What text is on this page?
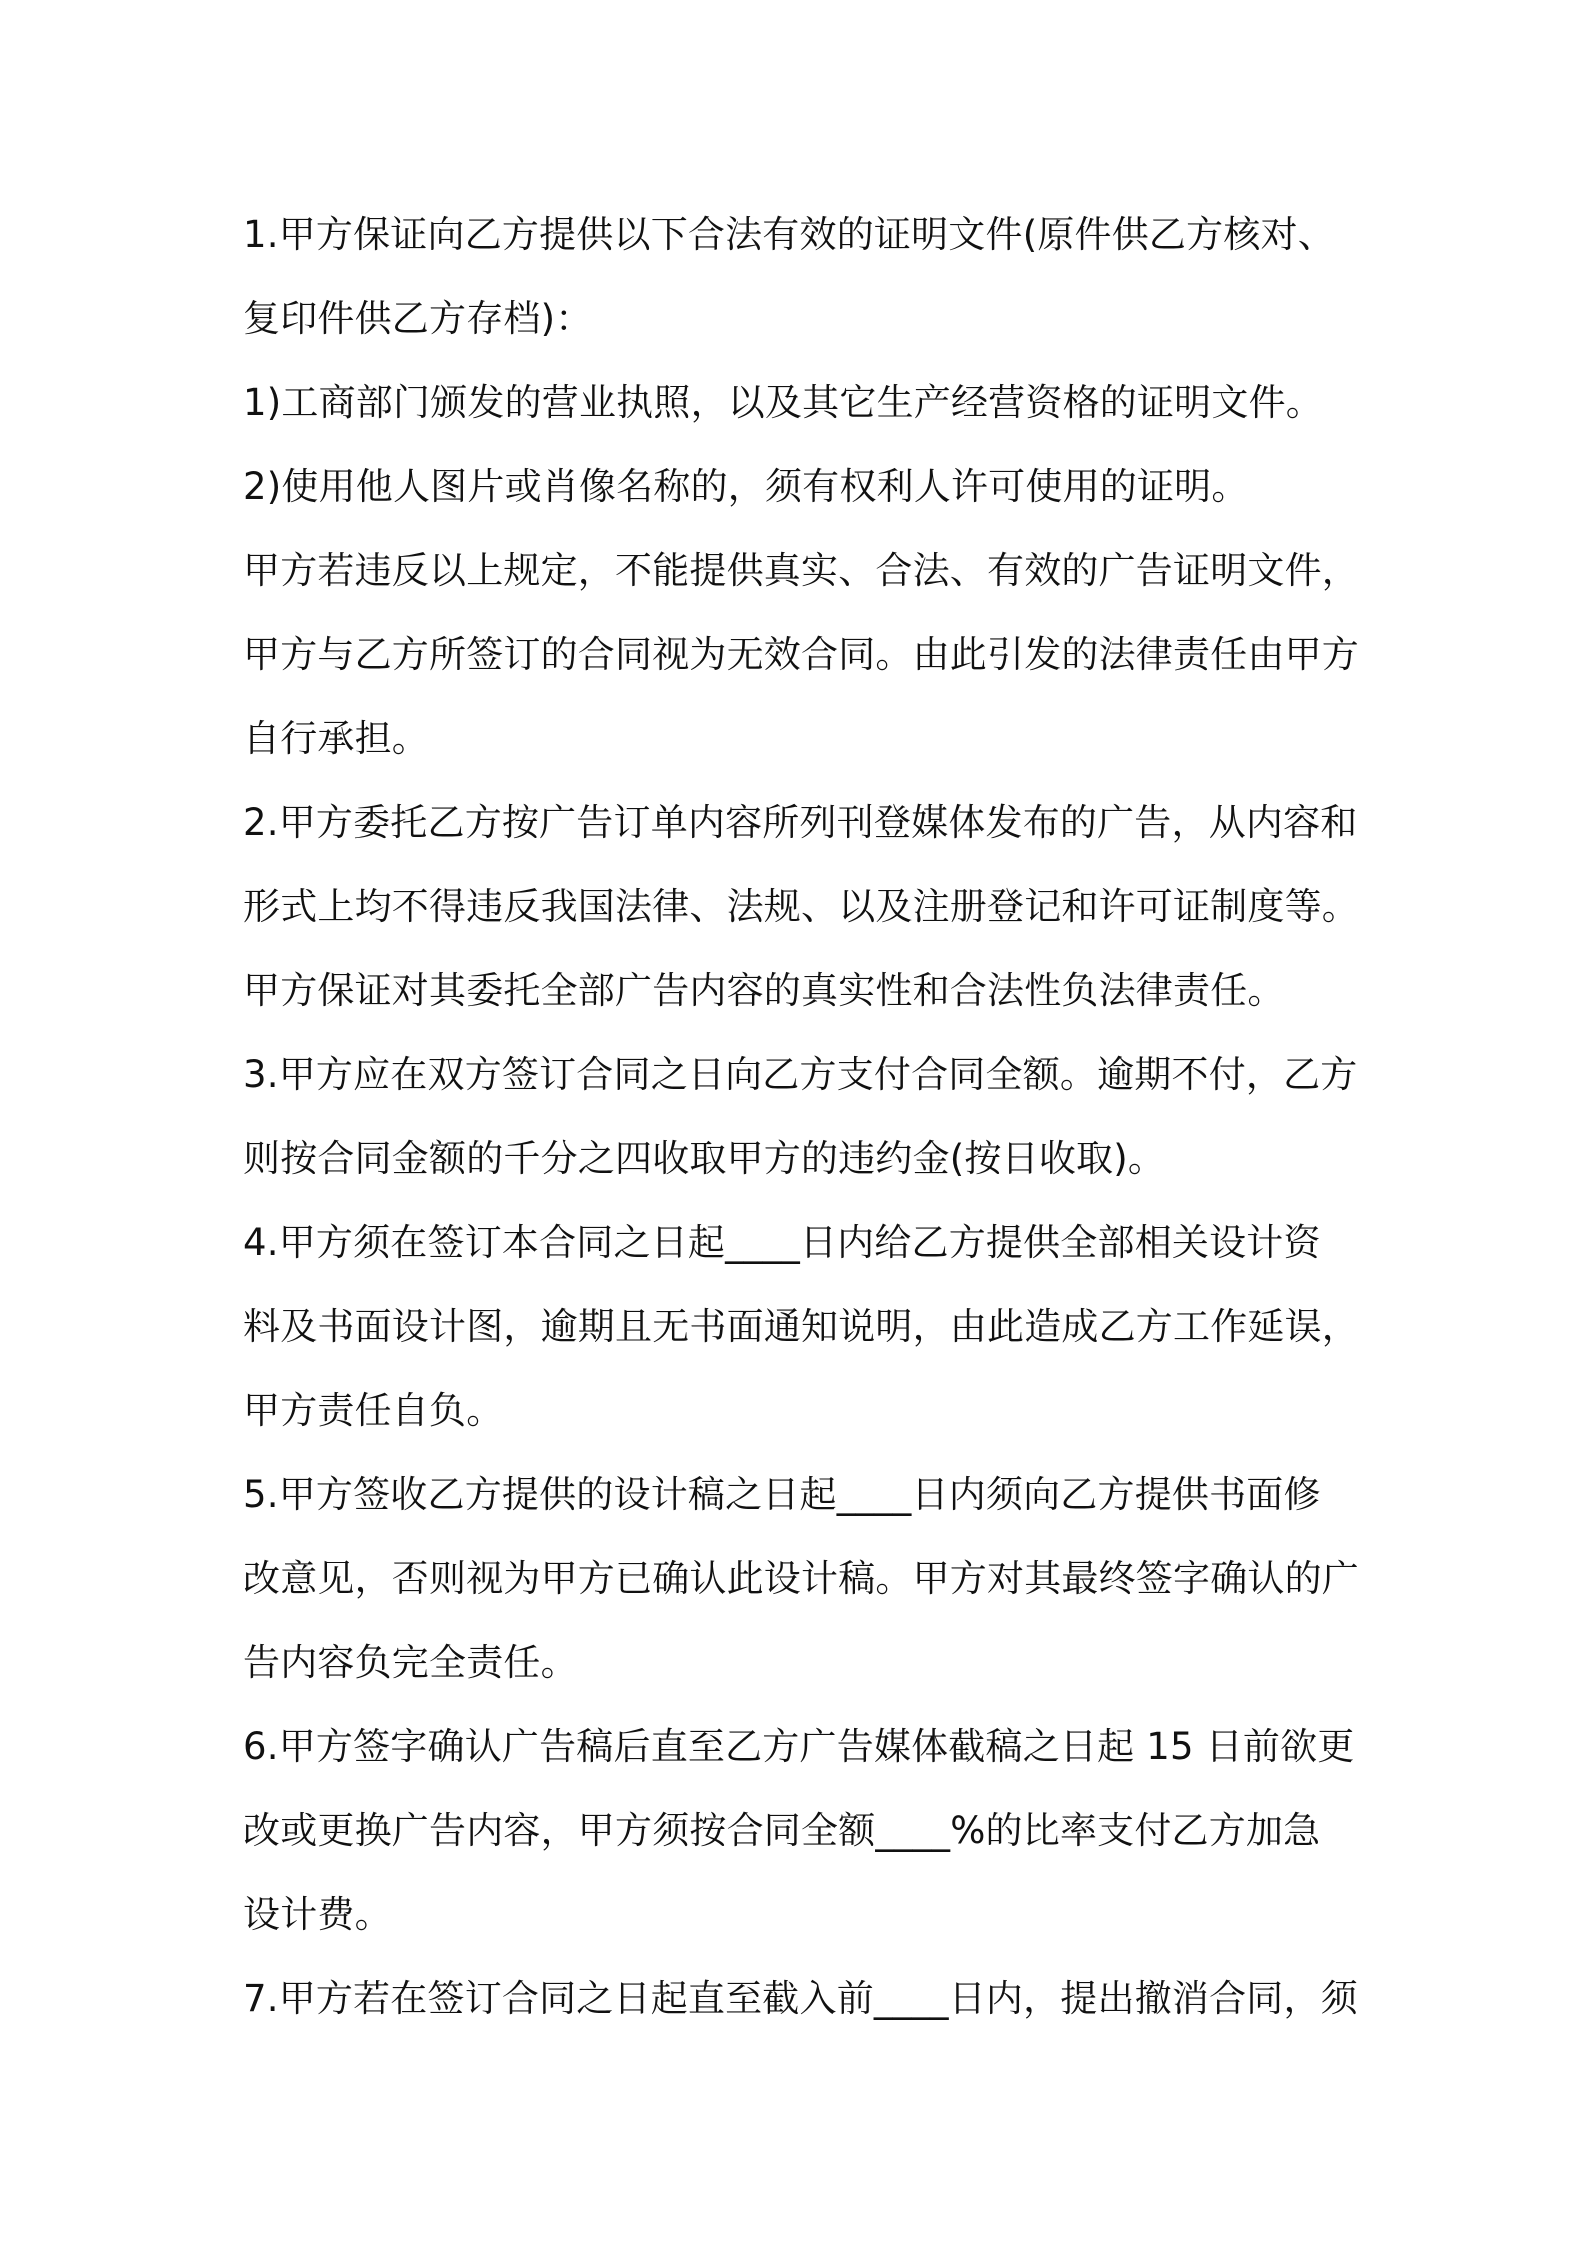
1.甲方保证向乙方提供以下合法有效的证明文件(原件供乙方核对、
复印件供乙方存档)：
1)工商部门颁发的营业执照，以及其它生产经营资格的证明文件。
2)使用他人图片或肖像名称的，须有权利人许可使用的证明。
甲方若违反以上规定，不能提供真实、合法、有效的广告证明文件，
甲方与乙方所签订的合同视为无效合同。由此引发的法律责任由甲方
自行承担。
2.甲方委托乙方按广告订单内容所列刊登媒体发布的广告，从内容和
形式上均不得违反我国法律、法规、以及注册登记和许可证制度等。
甲方保证对其委托全部广告内容的真实性和合法性负法律责任。
3.甲方应在双方签订合同之日向乙方支付合同全额。逾期不付，乙方
则按合同金额的千分之四收取甲方的违约金(按日收取)。
4.甲方须在签订本合同之日起____日内给乙方提供全部相关设计资
料及书面设计图，逾期且无书面通知说明，由此造成乙方工作延误，
甲方责任自负。
5.甲方签收乙方提供的设计稿之日起____日内须向乙方提供书面修
改意见，否则视为甲方已确认此设计稿。甲方对其最终签字确认的广
告内容负完全责任。
6.甲方签字确认广告稿后直至乙方广告媒体截稿之日起 15 日前欲更
改或更换广告内容，甲方须按合同全额____%的比率支付乙方加急
设计费。
7.甲方若在签订合同之日起直至截入前____日内，提出撤消合同，须
